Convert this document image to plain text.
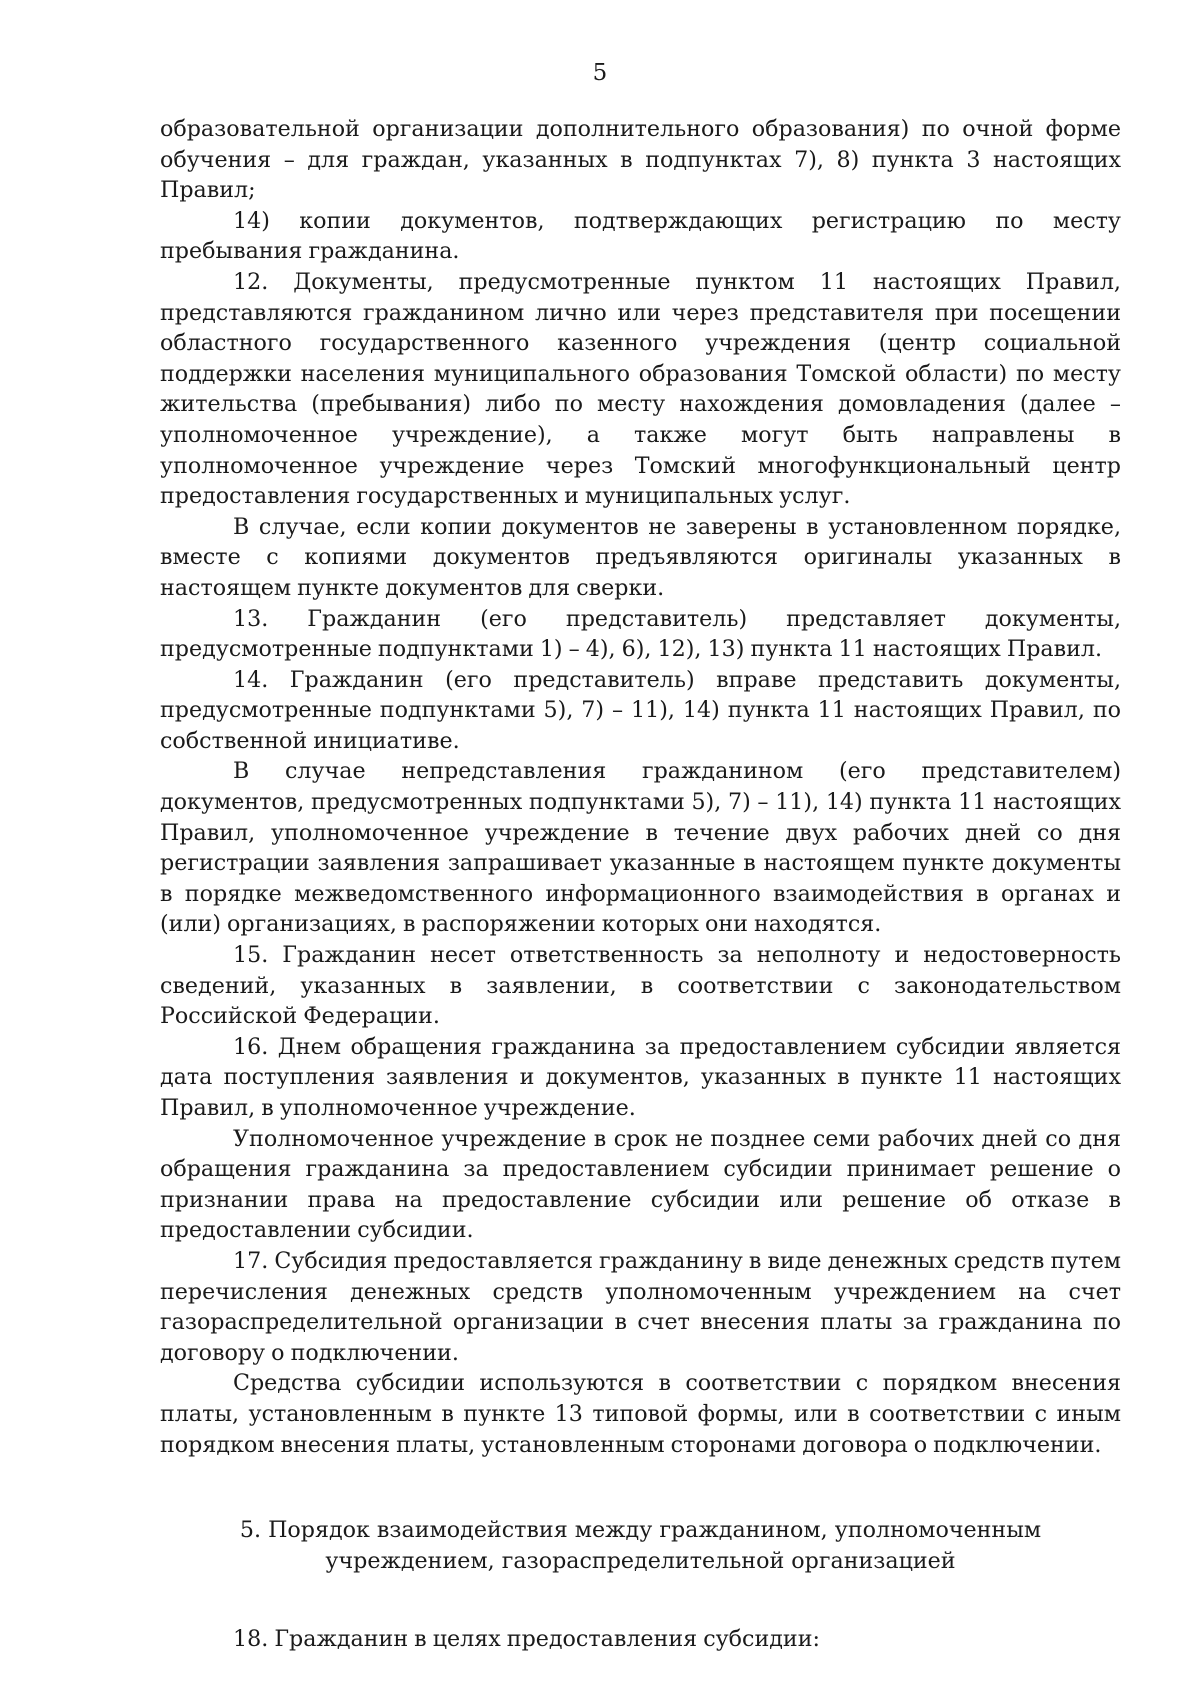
5

образовательной организации дополнительного образования) по очной форме обучения – для граждан, указанных в подпунктах 7), 8) пункта 3 настоящих Правил;

14) копии документов, подтверждающих регистрацию по месту пребывания гражданина.

12. Документы, предусмотренные пунктом 11 настоящих Правил, представляются гражданином лично или через представителя при посещении областного государственного казенного учреждения (центр социальной поддержки населения муниципального образования Томской области) по месту жительства (пребывания) либо по месту нахождения домовладения (далее – уполномоченное учреждение), а также могут быть направлены в уполномоченное учреждение через Томский многофункциональный центр предоставления государственных и муниципальных услуг.

В случае, если копии документов не заверены в установленном порядке, вместе с копиями документов предъявляются оригиналы указанных в настоящем пункте документов для сверки.

13. Гражданин (его представитель) представляет документы, предусмотренные подпунктами 1) – 4), 6), 12), 13) пункта 11 настоящих Правил.

14. Гражданин (его представитель) вправе представить документы, предусмотренные подпунктами 5), 7) – 11), 14) пункта 11 настоящих Правил, по собственной инициативе.

В случае непредставления гражданином (его представителем) документов, предусмотренных подпунктами 5), 7) – 11), 14) пункта 11 настоящих Правил, уполномоченное учреждение в течение двух рабочих дней со дня регистрации заявления запрашивает указанные в настоящем пункте документы в порядке межведомственного информационного взаимодействия в органах и (или) организациях, в распоряжении которых они находятся.

15. Гражданин несет ответственность за неполноту и недостоверность сведений, указанных в заявлении, в соответствии с законодательством Российской Федерации.

16. Днем обращения гражданина за предоставлением субсидии является дата поступления заявления и документов, указанных в пункте 11 настоящих Правил, в уполномоченное учреждение.

Уполномоченное учреждение в срок не позднее семи рабочих дней со дня обращения гражданина за предоставлением субсидии принимает решение о признании права на предоставление субсидии или решение об отказе в предоставлении субсидии.

17. Субсидия предоставляется гражданину в виде денежных средств путем перечисления денежных средств уполномоченным учреждением на счет газораспределительной организации в счет внесения платы за гражданина по договору о подключении.

Средства субсидии используются в соответствии с порядком внесения платы, установленным в пункте 13 типовой формы, или в соответствии с иным порядком внесения платы, установленным сторонами договора о подключении.

5. Порядок взаимодействия между гражданином, уполномоченным
учреждением, газораспределительной организацией

18. Гражданин в целях предоставления субсидии:
